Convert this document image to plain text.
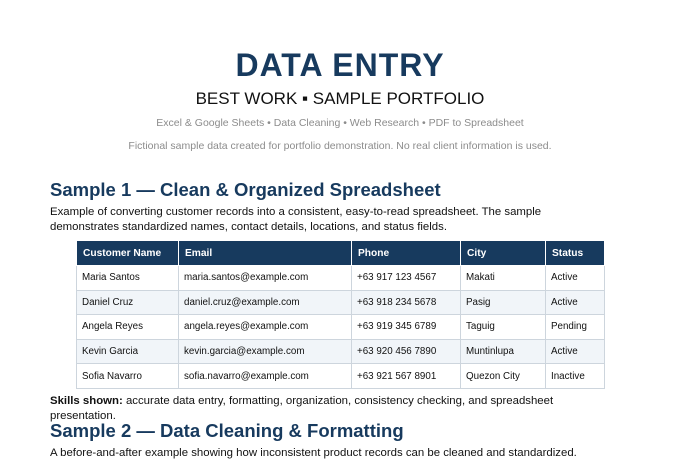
DATA ENTRY
BEST WORK ▪ SAMPLE PORTFOLIO
Excel & Google Sheets • Data Cleaning • Web Research • PDF to Spreadsheet
Fictional sample data created for portfolio demonstration. No real client information is used.
Sample 1 — Clean & Organized Spreadsheet
Example of converting customer records into a consistent, easy-to-read spreadsheet. The sample demonstrates standardized names, contact details, locations, and status fields.
Customer Name	Email	Phone	City	Status
Maria Santos	maria.santos@example.com	+63 917 123 4567	Makati	Active
Daniel Cruz	daniel.cruz@example.com	+63 918 234 5678	Pasig	Active
Angela Reyes	angela.reyes@example.com	+63 919 345 6789	Taguig	Pending
Kevin Garcia	kevin.garcia@example.com	+63 920 456 7890	Muntinlupa	Active
Sofia Navarro	sofia.navarro@example.com	+63 921 567 8901	Quezon City	Inactive
Skills shown: accurate data entry, formatting, organization, consistency checking, and spreadsheet presentation.
Sample 2 — Data Cleaning & Formatting
A before-and-after example showing how inconsistent product records can be cleaned and standardized.
